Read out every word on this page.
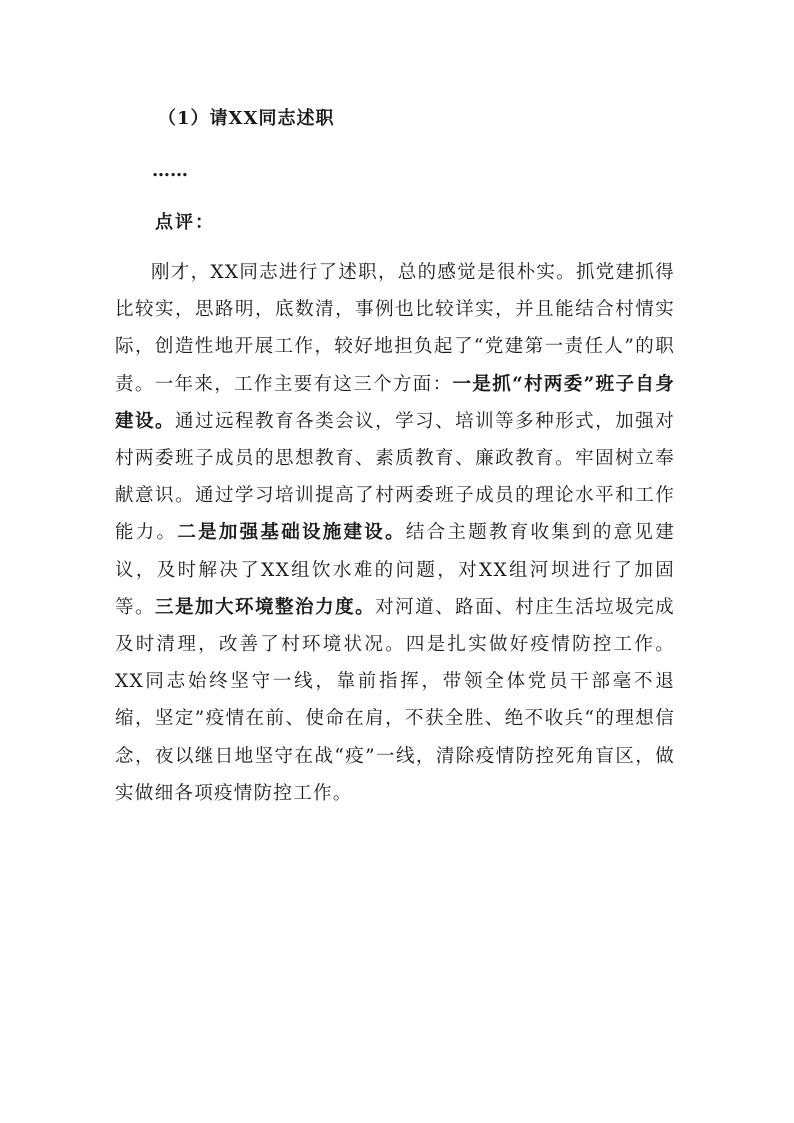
（1）请XX同志述职
……
点评：

刚才，XX同志进行了述职，总的感觉是很朴实。抓党建抓得比较实，思路明，底数清，事例也比较详实，并且能结合村情实际，创造性地开展工作，较好地担负起了“党建第一责任人”的职责。一年来，工作主要有这三个方面：一是抓“村两委”班子自身建设。通过远程教育各类会议，学习、培训等多种形式，加强对村两委班子成员的思想教育、素质教育、廉政教育。牢固树立奉献意识。通过学习培训提高了村两委班子成员的理论水平和工作能力。二是加强基础设施建设。结合主题教育收集到的意见建议，及时解决了XX组饮水难的问题，对XX组河坝进行了加固等。三是加大环境整治力度。对河道、路面、村庄生活垃圾完成及时清理，改善了村环境状况。四是扎实做好疫情防控工作。XX同志始终坚守一线，靠前指挥，带领全体党员干部毫不退缩，坚定”疫情在前、使命在肩，不获全胜、绝不收兵“的理想信念，夜以继日地坚守在战“疫”一线，清除疫情防控死角盲区，做实做细各项疫情防控工作。
